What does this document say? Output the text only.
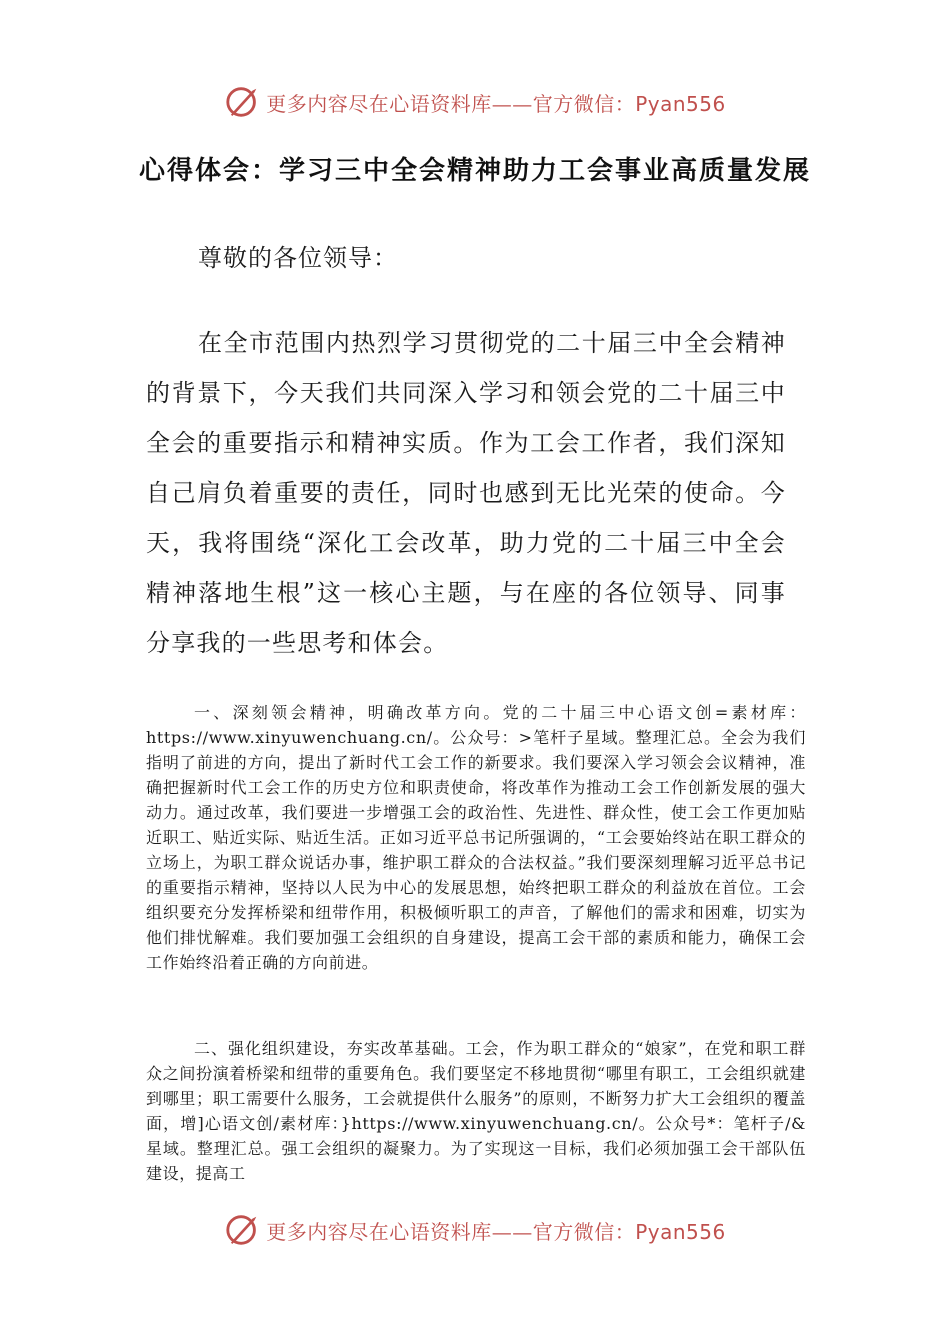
更多内容尽在心语资料库——官方微信：Pyan556
心得体会：学习三中全会精神助力工会事业高质量发展
尊敬的各位领导：

在全市范围内热烈学习贯彻党的二十届三中全会精神的背景下，今天我们共同深入学习和领会党的二十届三中全会的重要指示和精神实质。作为工会工作者，我们深知自己肩负着重要的责任，同时也感到无比光荣的使命。今天，我将围绕“深化工会改革，助力党的二十届三中全会精神落地生根”这一核心主题，与在座的各位领导、同事分享我的一些思考和体会。

一、深刻领会精神，明确改革方向。党的二十届三中心语文创=素材库：https://www.xinyuwenchuang.cn/。公众号：>笔杆子星域。整理汇总。全会为我们指明了前进的方向，提出了新时代工会工作的新要求。我们要深入学习领会会议精神，准确把握新时代工会工作的历史方位和职责使命，将改革作为推动工会工作创新发展的强大动力。通过改革，我们要进一步增强工会的政治性、先进性、群众性，使工会工作更加贴近职工、贴近实际、贴近生活。正如习近平总书记所强调的，“工会要始终站在职工群众的立场上，为职工群众说话办事，维护职工群众的合法权益。”我们要深刻理解习近平总书记的重要指示精神，坚持以人民为中心的发展思想，始终把职工群众的利益放在首位。工会组织要充分发挥桥梁和纽带作用，积极倾听职工的声音，了解他们的需求和困难，切实为他们排忧解难。我们要加强工会组织的自身建设，提高工会干部的素质和能力，确保工会工作始终沿着正确的方向前进。

二、强化组织建设，夯实改革基础。工会，作为职工群众的“娘家”，在党和职工群众之间扮演着桥梁和纽带的重要角色。我们要坚定不移地贯彻“哪里有职工，工会组织就建到哪里；职工需要什么服务，工会就提供什么服务”的原则，不断努力扩大工会组织的覆盖面，增]心语文创/素材库：}https://www.xinyuwenchuang.cn/。公众号*：笔杆子/&星域。整理汇总。强工会组织的凝聚力。为了实现这一目标，我们必须加强工会干部队伍建设，提高工

更多内容尽在心语资料库——官方微信：Pyan556
